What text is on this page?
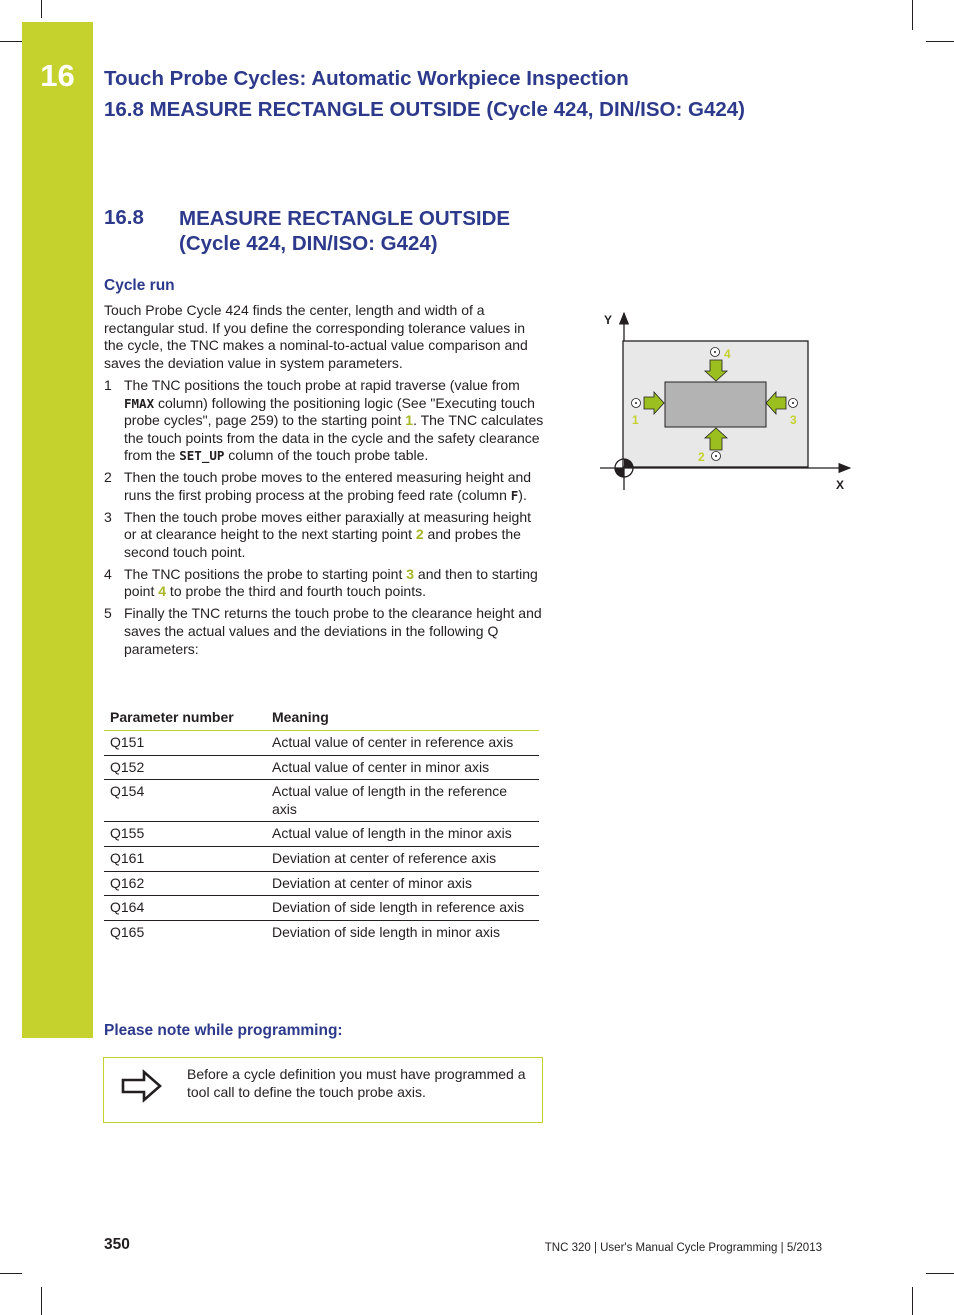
16	Touch Probe Cycles: Automatic Workpiece Inspection
16.8 MEASURE RECTANGLE OUTSIDE (Cycle 424, DIN/ISO: G424)
16.8 MEASURE RECTANGLE OUTSIDE
(Cycle 424, DIN/ISO: G424)
Cycle run
Touch Probe Cycle 424 finds the center, length and width of a rectangular stud. If you define the corresponding tolerance values in the cycle, the TNC makes a nominal-to-actual value comparison and saves the deviation value in system parameters.
1 The TNC positions the touch probe at rapid traverse (value from FMAX column) following the positioning logic (See "Executing touch probe cycles", page 259) to the starting point 1. The TNC calculates the touch points from the data in the cycle and the safety clearance from the SET_UP column of the touch probe table.
2 Then the touch probe moves to the entered measuring height and runs the first probing process at the probing feed rate (column F).
3 Then the touch probe moves either paraxially at measuring height or at clearance height to the next starting point 2 and probes the second touch point.
4 The TNC positions the probe to starting point 3 and then to starting point 4 to probe the third and fourth touch points.
5 Finally the TNC returns the touch probe to the clearance height and saves the actual values and the deviations in the following Q parameters:
Parameter number	Meaning
Q151	Actual value of center in reference axis
Q152	Actual value of center in minor axis
Q154	Actual value of length in the reference axis
Q155	Actual value of length in the minor axis
Q161	Deviation at center of reference axis
Q162	Deviation at center of minor axis
Q164	Deviation of side length in reference axis
Q165	Deviation of side length in minor axis
Please note while programming:
Before a cycle definition you must have programmed a tool call to define the touch probe axis.
Y
X
1
2
3
4
350	TNC 320 | User's Manual Cycle Programming | 5/2013
